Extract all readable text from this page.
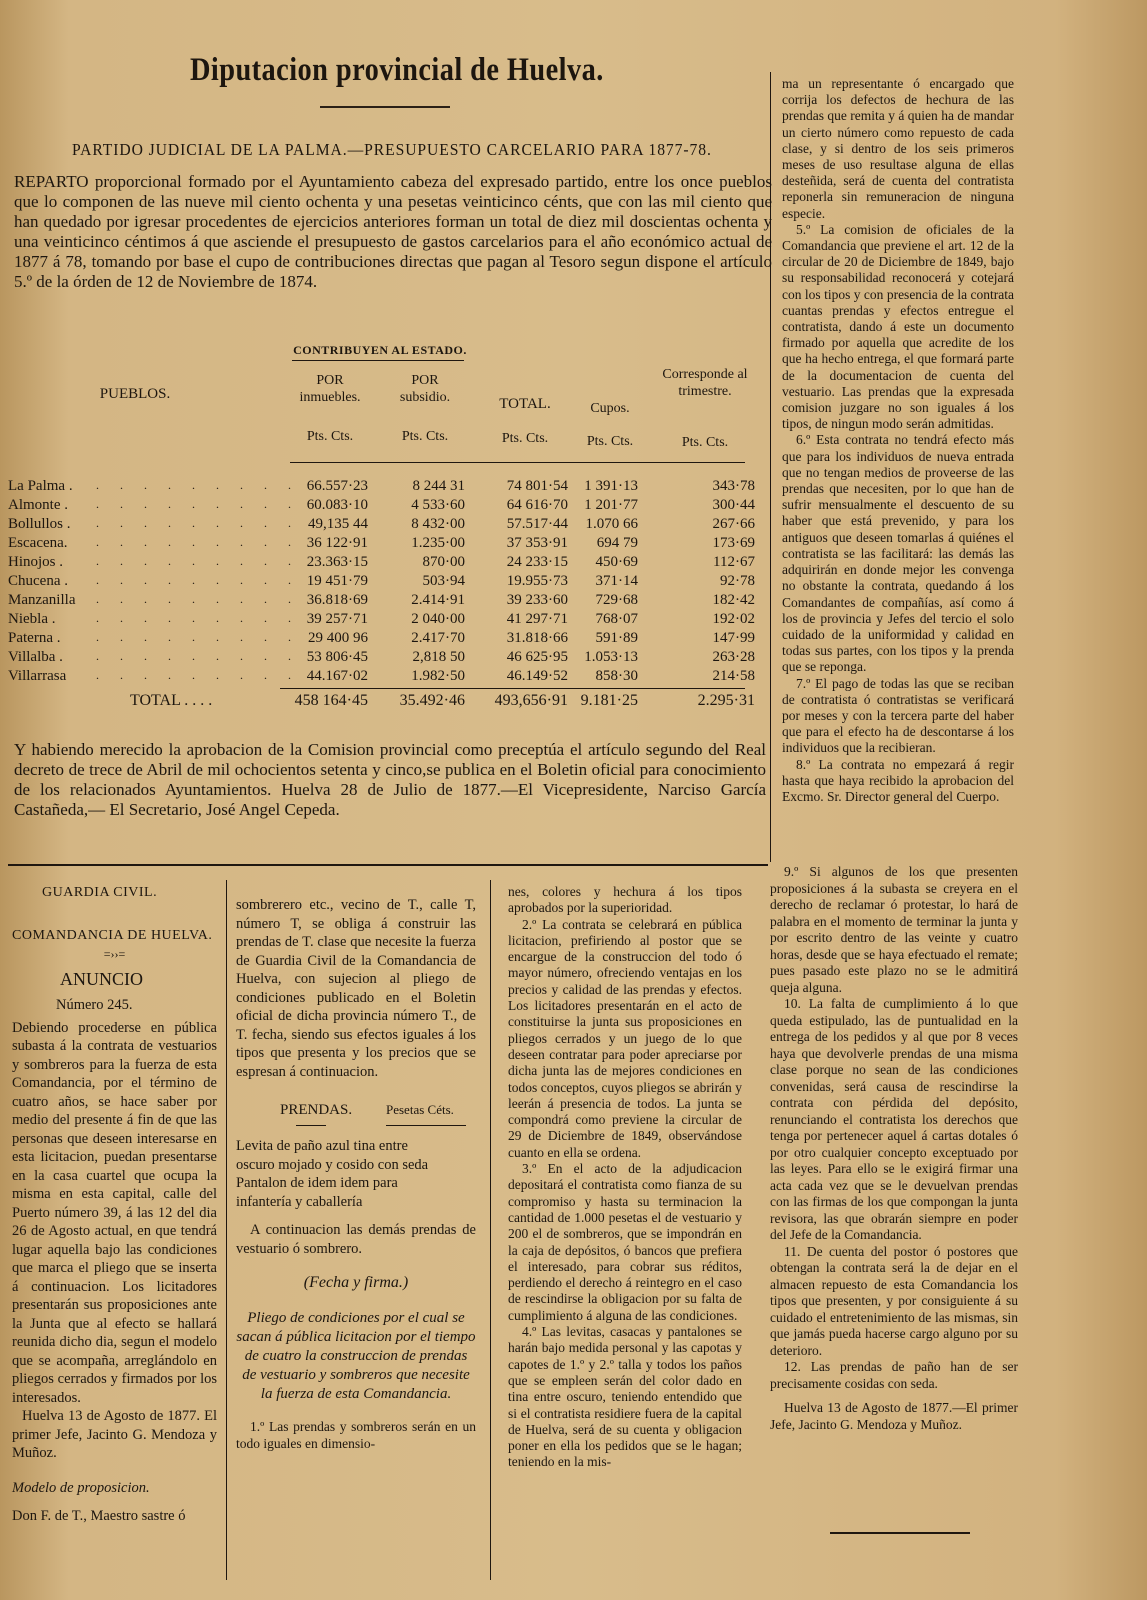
Diputacion provincial de Huelva.
PARTIDO JUDICIAL DE LA PALMA.—PRESUPUESTO CARCELARIO PARA 1877-78.
REPARTO proporcional formado por el Ayuntamiento cabeza del expresado partido, entre los once pueblos que lo componen de las nueve mil ciento ochenta y una pesetas veinticinco cénts, que con las mil ciento que han quedado por igresar procedentes de ejercicios anteriores forman un total de diez mil doscientas ochenta y una veinticinco céntimos á que asciende el presupuesto de gastos carcelarios para el año económico actual de 1877 á 78, tomando por base el cupo de contribuciones directas que pagan al Tesoro segun dispone el artículo 5.º de la órden de 12 de Noviembre de 1874.
CONTRIBUYEN AL ESTADO.
PUEBLOS.
POR inmuebles.
POR subsidio.	TOTAL.	Cupos.
Corresponde al trimestre.
Pts. Cts.	Pts. Cts.	Pts. Cts.	Pts. Cts.	Pts. Cts.
La Palma .	66.557·23	8 244 31	74 801·54	1 391·13	343·78
. . . . . . . . .
Almonte .	60.083·10	4 533·60	64 616·70	1 201·77	300·44
. . . . . . . . .
Bollullos .	49,135 44	8 432·00	57.517·44	1.070 66	267·66
. . . . . . . . .
Escacena.	36 122·91	1.235·00	37 353·91	694 79	173·69
. . . . . . . . .
Hinojos .	23.363·15	870·00	24 233·15	450·69	112·67
. . . . . . . . .
Chucena .	19 451·79	503·94	19.955·73	371·14	92·78
. . . . . . . . .
Manzanilla	36.818·69	2.414·91	39 233·60	729·68	182·42
. . . . . . . . .
Niebla .	39 257·71	2 040·00	41 297·71	768·07	192·02
. . . . . . . . .
Paterna .	29 400 96	2.417·70	31.818·66	591·89	147·99
. . . . . . . . .
Villalba .	53 806·45	2,818 50	46 625·95	1.053·13	263·28
. . . . . . . . .
Villarrasa	44.167·02	1.982·50	46.149·52	858·30	214·58
. . . . . . . . .
TOTAL . . . .	458 164·45	35.492·46	493,656·91 9.181·25	2.295·31
Y habiendo merecido la aprobacion de la Comision provincial como preceptúa el artículo segundo del Real decreto de trece de Abril de mil ochocientos setenta y cinco,se publica en el Boletin oficial para conocimiento de los relacionados Ayuntamientos. Huelva 28 de Julio de 1877.—El Vicepresidente, Narciso García Castañeda,— El Secretario, José Angel Cepeda.
ma un representante ó encargado que corrija los defectos de hechura de las prendas que remita y á quien ha de mandar un cierto número como repuesto de cada clase, y si dentro de los seis primeros meses de uso resultase alguna de ellas desteñida, será de cuenta del contratista reponerla sin remuneracion de ninguna especie.
5.º La comision de oficiales de la Comandancia que previene el art. 12 de la circular de 20 de Diciembre de 1849, bajo su responsabilidad reconocerá y cotejará con los tipos y con presencia de la contrata cuantas prendas y efectos entregue el contratista, dando á este un documento firmado por aquella que acredite de los que ha hecho entrega, el que formará parte de la documentacion de cuenta del vestuario. Las prendas que la expresada comision juzgare no son iguales á los tipos, de ningun modo serán admitidas.
6.º Esta contrata no tendrá efecto más que para los individuos de nueva entrada que no tengan medios de proveerse de las prendas que necesiten, por lo que han de sufrir mensualmente el descuento de su haber que está prevenido, y para los antiguos que deseen tomarlas á quiénes el contratista se las facilitará: las demás las adquirirán en donde mejor les convenga no obstante la contrata, quedando á los Comandantes de compañías, así como á los de provincia y Jefes del tercio el solo cuidado de la uniformidad y calidad en todas sus partes, con los tipos y la prenda que se reponga.
7.º El pago de todas las que se reciban de contratista ó contratistas se verificará por meses y con la tercera parte del haber que para el efecto ha de descontarse á los individuos que la recibieran.
8.º La contrata no empezará á regir hasta que haya recibido la aprobacion del Excmo. Sr. Director general del Cuerpo.
GUARDIA CIVIL.
COMANDANCIA DE HUELVA.
=››=
ANUNCIO
Número 245.
Debiendo procederse en pública subasta á la contrata de vestuarios y sombreros para la fuerza de esta Comandancia, por el término de cuatro años, se hace saber por medio del presente á fin de que las personas que deseen interesarse en esta licitacion, puedan presentarse en la casa cuartel que ocupa la misma en esta capital, calle del Puerto número 39, á las 12 del dia 26 de Agosto actual, en que tendrá lugar aquella bajo las condiciones que marca el pliego que se inserta á continuacion. Los licitadores presentarán sus proposiciones ante la Junta que al efecto se hallará reunida dicho dia, segun el modelo que se acompaña, arreglándolo en pliegos cerrados y firmados por los interesados.
Huelva 13 de Agosto de 1877. El primer Jefe, Jacinto G. Mendoza y Muñoz.
Modelo de proposicion.
Don F. de T., Maestro sastre ó
sombrerero etc., vecino de T., calle T, número T, se obliga á construir las prendas de T. clase que necesite la fuerza de Guardia Civil de la Comandancia de Huelva, con sujecion al pliego de condiciones publicado en el Boletin oficial de dicha provincia número T., de T. fecha, siendo sus efectos iguales á los tipos que presenta y los precios que se espresan á continuacion.
PRENDAS.	Pesetas Céts.
Levita de paño azul tina entre oscuro mojado y cosido con seda
Pantalon de idem idem para infantería y caballería
A continuacion las demás prendas de vestuario ó sombrero.
(Fecha y firma.)
Pliego de condiciones por el cual se sacan á pública licitacion por el tiempo de cuatro la construccion de prendas de vestuario y sombreros que necesite la fuerza de esta Comandancia.
1.º Las prendas y sombreros serán en un todo iguales en dimensio-
nes, colores y hechura á los tipos aprobados por la superioridad.
2.º La contrata se celebrará en pública licitacion, prefiriendo al postor que se encargue de la construccion del todo ó mayor número, ofreciendo ventajas en los precios y calidad de las prendas y efectos. Los licitadores presentarán en el acto de constituirse la junta sus proposiciones en pliegos cerrados y un juego de lo que deseen contratar para poder apreciarse por dicha junta las de mejores condiciones en todos conceptos, cuyos pliegos se abrirán y leerán á presencia de todos. La junta se compondrá como previene la circular de 29 de Diciembre de 1849, observándose cuanto en ella se ordena.
3.º En el acto de la adjudicacion depositará el contratista como fianza de su compromiso y hasta su terminacion la cantidad de 1.000 pesetas el de vestuario y 200 el de sombreros, que se impondrán en la caja de depósitos, ó bancos que prefiera el interesado, para cobrar sus réditos, perdiendo el derecho á reintegro en el caso de rescindirse la obligacion por su falta de cumplimiento á alguna de las condiciones.
4.º Las levitas, casacas y pantalones se harán bajo medida personal y las capotas y capotes de 1.º y 2.º talla y todos los paños que se empleen serán del color dado en tina entre oscuro, teniendo entendido que si el contratista residiere fuera de la capital de Huelva, será de su cuenta y obligacion poner en ella los pedidos que se le hagan; teniendo en la mis-
9.º Si algunos de los que presenten proposiciones á la subasta se creyera en el derecho de reclamar ó protestar, lo hará de palabra en el momento de terminar la junta y por escrito dentro de las veinte y cuatro horas, desde que se haya efectuado el remate; pues pasado este plazo no se le admitirá queja alguna.
10. La falta de cumplimiento á lo que queda estipulado, las de puntualidad en la entrega de los pedidos y al que por 8 veces haya que devolverle prendas de una misma clase porque no sean de las condiciones convenidas, será causa de rescindirse la contrata con pérdida del depósito, renunciando el contratista los derechos que tenga por pertenecer aquel á cartas dotales ó por otro cualquier concepto exceptuado por las leyes. Para ello se le exigirá firmar una acta cada vez que se le devuelvan prendas con las firmas de los que compongan la junta revisora, las que obrarán siempre en poder del Jefe de la Comandancia.
11. De cuenta del postor ó postores que obtengan la contrata será la de dejar en el almacen repuesto de esta Comandancia los tipos que presenten, y por consiguiente á su cuidado el entretenimiento de las mismas, sin que jamás pueda hacerse cargo alguno por su deterioro.
12. Las prendas de paño han de ser precisamente cosidas con seda.
Huelva 13 de Agosto de 1877.—El primer Jefe, Jacinto G. Mendoza y Muñoz.
